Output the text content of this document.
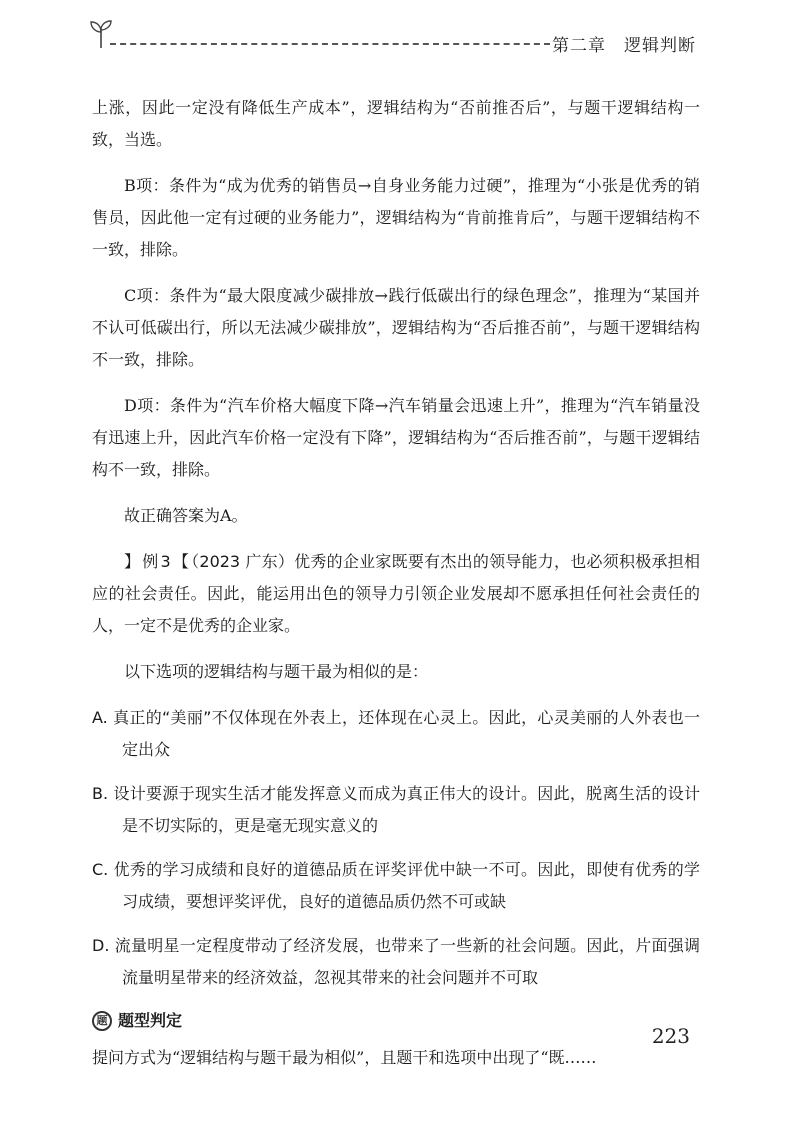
第二章 逻辑判断

上涨，因此一定没有降低生产成本”，逻辑结构为“否前推否后”，与题干逻辑结构一致，当选。

B项：条件为“成为优秀的销售员→自身业务能力过硬”，推理为“小张是优秀的销售员，因此他一定有过硬的业务能力”，逻辑结构为“肯前推肯后”，与题干逻辑结构不一致，排除。

C项：条件为“最大限度减少碳排放→践行低碳出行的绿色理念”，推理为“某国并不认可低碳出行，所以无法减少碳排放”，逻辑结构为“否后推否前”，与题干逻辑结构不一致，排除。

D项：条件为“汽车价格大幅度下降→汽车销量会迅速上升”，推理为“汽车销量没有迅速上升，因此汽车价格一定没有下降”，逻辑结构为“否后推否前”，与题干逻辑结构不一致，排除。

故正确答案为A。

】例3【（2023 广东）优秀的企业家既要有杰出的领导能力，也必须积极承担相应的社会责任。因此，能运用出色的领导力引领企业发展却不愿承担任何社会责任的人，一定不是优秀的企业家。

以下选项的逻辑结构与题干最为相似的是：

A. 真正的“美丽”不仅体现在外表上，还体现在心灵上。因此，心灵美丽的人外表也一定出众

B. 设计要源于现实生活才能发挥意义而成为真正伟大的设计。因此，脱离生活的设计是不切实际的，更是毫无现实意义的

C. 优秀的学习成绩和良好的道德品质在评奖评优中缺一不可。因此，即使有优秀的学习成绩，要想评奖评优，良好的道德品质仍然不可或缺

D. 流量明星一定程度带动了经济发展，也带来了一些新的社会问题。因此，片面强调流量明星带来的经济效益，忽视其带来的社会问题并不可取

题 题型判定

提问方式为“逻辑结构与题干最为相似”，且题干和选项中出现了“既……

223
